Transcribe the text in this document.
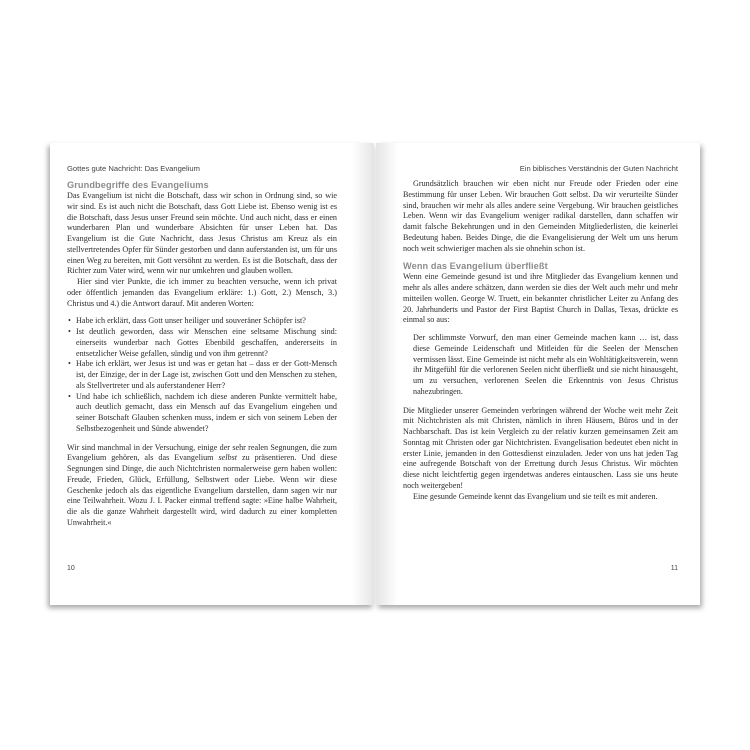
Gottes gute Nachricht: Das Evangelium
Grundbegriffe des Evangeliums

Das Evangelium ist nicht die Botschaft, dass wir schon in Ordnung sind, so wie wir sind. Es ist auch nicht die Botschaft, dass Gott Liebe ist. Ebenso wenig ist es die Botschaft, dass Jesus unser Freund sein möchte. Und auch nicht, dass er einen wunderbaren Plan und wunderbare Absichten für unser Leben hat. Das Evangelium ist die Gute Nachricht, dass Jesus Christus am Kreuz als ein stellvertretendes Opfer für Sünder gestorben und dann auferstanden ist, um für uns einen Weg zu bereiten, mit Gott versöhnt zu werden. Es ist die Botschaft, dass der Richter zum Vater wird, wenn wir nur umkehren und glauben wollen.

Hier sind vier Punkte, die ich immer zu beachten versuche, wenn ich privat oder öffentlich jemanden das Evangelium erkläre: 1.) Gott, 2.) Mensch, 3.) Christus und 4.) die Antwort darauf. Mit anderen Worten:

• Habe ich erklärt, dass Gott unser heiliger und souveräner Schöpfer ist?
• Ist deutlich geworden, dass wir Menschen eine seltsame Mischung sind: einerseits wunderbar nach Gottes Ebenbild geschaffen, andererseits in entsetzlicher Weise gefallen, sündig und von ihm getrennt?
• Habe ich erklärt, wer Jesus ist und was er getan hat – dass er der Gott-Mensch ist, der Einzige, der in der Lage ist, zwischen Gott und den Menschen zu stehen, als Stellvertreter und als auferstandener Herr?
• Und habe ich schließlich, nachdem ich diese anderen Punkte vermittelt habe, auch deutlich gemacht, dass ein Mensch auf das Evangelium eingehen und seiner Botschaft Glauben schenken muss, indem er sich von seinem Leben der Selbstbezogenheit und Sünde abwendet?

Wir sind manchmal in der Versuchung, einige der sehr realen Segnungen, die zum Evangelium gehören, als das Evangelium selbst zu präsentieren. Und diese Segnungen sind Dinge, die auch Nichtchristen normalerweise gern haben wollen: Freude, Frieden, Glück, Erfüllung, Selbstwert oder Liebe. Wenn wir diese Geschenke jedoch als das eigentliche Evangelium darstellen, dann sagen wir nur eine Teilwahrheit. Wozu J. I. Packer einmal treffend sagte: »Eine halbe Wahrheit, die als die ganze Wahrheit dargestellt wird, wird dadurch zu einer kompletten Unwahrheit.«

10
Ein biblisches Verständnis der Guten Nachricht

Grundsätzlich brauchen wir eben nicht nur Freude oder Frieden oder eine Bestimmung für unser Leben. Wir brauchen Gott selbst. Da wir verurteilte Sünder sind, brauchen wir mehr als alles andere seine Vergebung. Wir brauchen geistliches Leben. Wenn wir das Evangelium weniger radikal darstellen, dann schaffen wir damit falsche Bekehrungen und in den Gemeinden Mitgliederlisten, die keinerlei Bedeutung haben. Beides Dinge, die die Evangelisierung der Welt um uns herum noch weit schwieriger machen als sie ohnehin schon ist.

Wenn das Evangelium überfließt

Wenn eine Gemeinde gesund ist und ihre Mitglieder das Evangelium kennen und mehr als alles andere schätzen, dann werden sie dies der Welt auch mehr und mehr mitteilen wollen. George W. Truett, ein bekannter christlicher Leiter zu Anfang des 20. Jahrhunderts und Pastor der First Baptist Church in Dallas, Texas, drückte es einmal so aus:

Der schlimmste Vorwurf, den man einer Gemeinde machen kann … ist, dass diese Gemeinde Leidenschaft und Mitleiden für die Seelen der Menschen vermissen lässt. Eine Gemeinde ist nicht mehr als ein Wohltätigkeitsverein, wenn ihr Mitgefühl für die verlorenen Seelen nicht überfließt und sie nicht hinausgeht, um zu versuchen, verlorenen Seelen die Erkenntnis von Jesus Christus nahezubringen.

Die Mitglieder unserer Gemeinden verbringen während der Woche weit mehr Zeit mit Nichtchristen als mit Christen, nämlich in ihren Häusern, Büros und in der Nachbarschaft. Das ist kein Vergleich zu der relativ kurzen gemeinsamen Zeit am Sonntag mit Christen oder gar Nichtchristen. Evangelisation bedeutet eben nicht in erster Linie, jemanden in den Gottesdienst einzuladen. Jeder von uns hat jeden Tag eine aufregende Botschaft von der Errettung durch Jesus Christus. Wir möchten diese nicht leichtfertig gegen irgendetwas anderes eintauschen. Lass sie uns heute noch weitergeben!

Eine gesunde Gemeinde kennt das Evangelium und sie teilt es mit anderen.

11
